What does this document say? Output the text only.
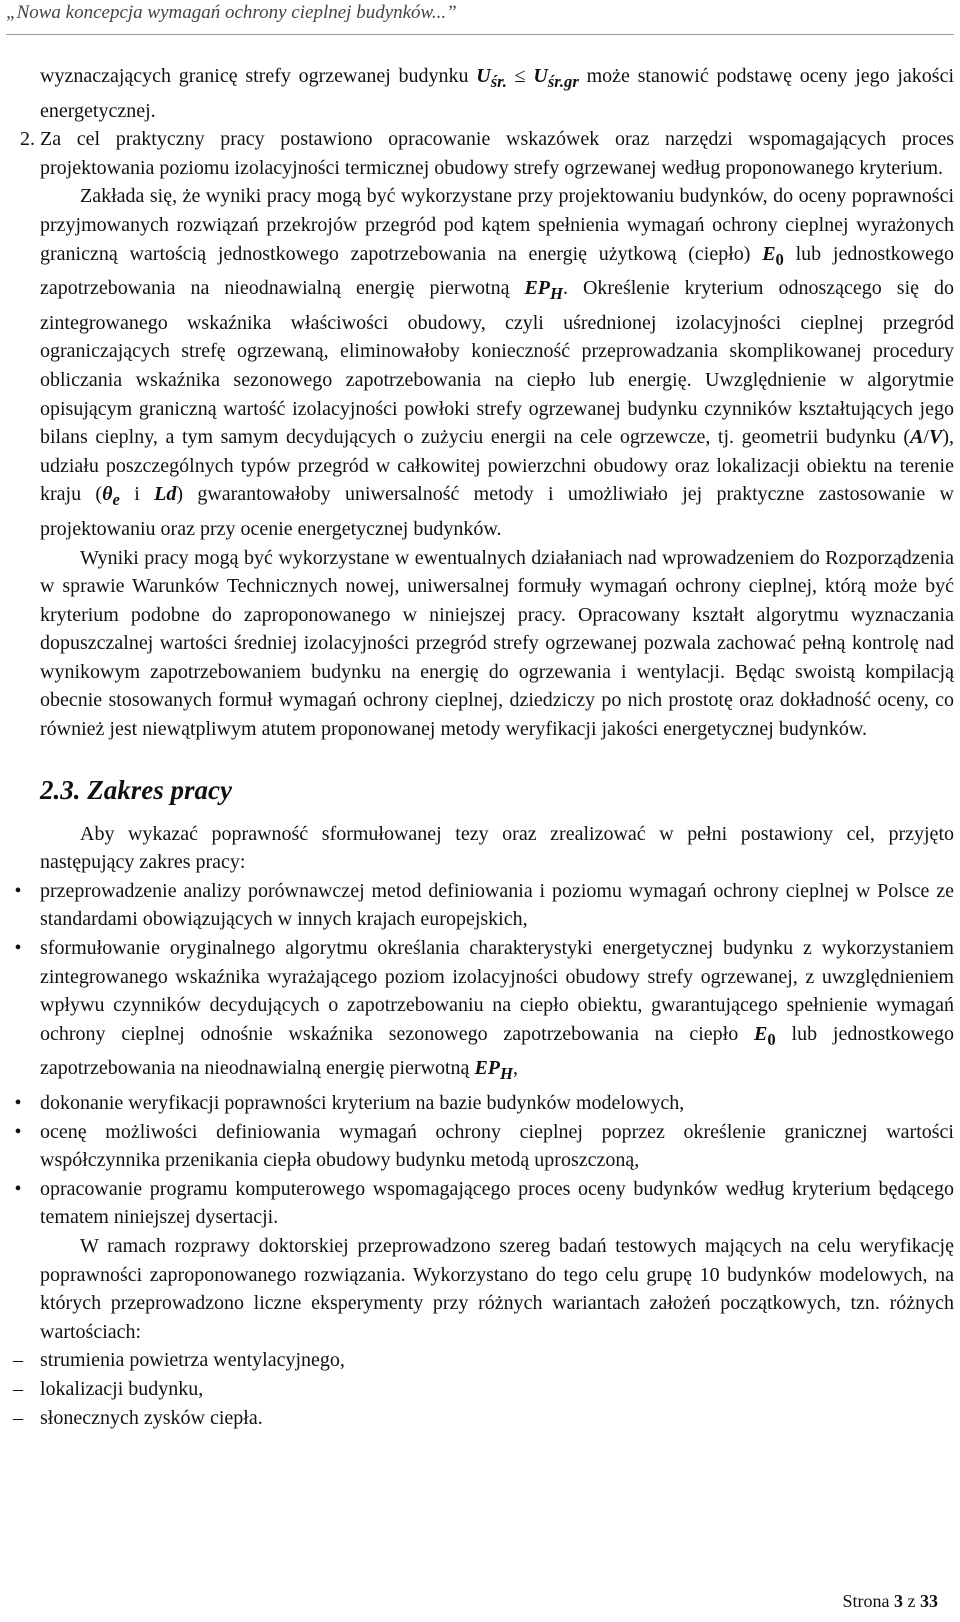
„Nowa koncepcja wymagań ochrony cieplnej budynków...”

wyznaczających granicę strefy ogrzewanej budynku $U_{śr.} \le U_{śr.gr}$ może stanowić podstawę oceny jego jakości energetycznej.

2. Za cel praktyczny pracy postawiono opracowanie wskazówek oraz narzędzi wspomagających proces projektowania poziomu izolacyjności termicznej obudowy strefy ogrzewanej według proponowanego kryterium.

Zakłada się, że wyniki pracy mogą być wykorzystane przy projektowaniu budynków, do oceny poprawności przyjmowanych rozwiązań przekrojów przegród pod kątem spełnienia wymagań ochrony cieplnej wyrażonych graniczną wartością jednostkowego zapotrzebowania na energię użytkową (ciepło) $E_0$ lub jednostkowego zapotrzebowania na nieodnawialną energię pierwotną $EP_H$. Określenie kryterium odnoszącego się do zintegrowanego wskaźnika właściwości obudowy, czyli uśrednionej izolacyjności cieplnej przegród ograniczających strefę ogrzewaną, eliminowałoby konieczność przeprowadzania skomplikowanej procedury obliczania wskaźnika sezonowego zapotrzebowania na ciepło lub energię. Uwzględnienie w algorytmie opisującym graniczną wartość izolacyjności powłoki strefy ogrzewanej budynku czynników kształtujących jego bilans cieplny, a tym samym decydujących o zużyciu energii na cele ogrzewcze, tj. geometrii budynku (A/V), udziału poszczególnych typów przegród w całkowitej powierzchni obudowy oraz lokalizacji obiektu na terenie kraju ($\theta_e$ i Ld) gwarantowałoby uniwersalność metody i umożliwiało jej praktyczne zastosowanie w projektowaniu oraz przy ocenie energetycznej budynków.

Wyniki pracy mogą być wykorzystane w ewentualnych działaniach nad wprowadzeniem do Rozporządzenia w sprawie Warunków Technicznych nowej, uniwersalnej formuły wymagań ochrony cieplnej, którą może być kryterium podobne do zaproponowanego w niniejszej pracy. Opracowany kształt algorytmu wyznaczania dopuszczalnej wartości średniej izolacyjności przegród strefy ogrzewanej pozwala zachować pełną kontrolę nad wynikowym zapotrzebowaniem budynku na energię do ogrzewania i wentylacji. Będąc swoistą kompilacją obecnie stosowanych formuł wymagań ochrony cieplnej, dziedziczy po nich prostotę oraz dokładność oceny, co również jest niewątpliwym atutem proponowanej metody weryfikacji jakości energetycznej budynków.

2.3. Zakres pracy

Aby wykazać poprawność sformułowanej tezy oraz zrealizować w pełni postawiony cel, przyjęto następujący zakres pracy:

• przeprowadzenie analizy porównawczej metod definiowania i poziomu wymagań ochrony cieplnej w Polsce ze standardami obowiązujących w innych krajach europejskich,
• sformułowanie oryginalnego algorytmu określania charakterystyki energetycznej budynku z wykorzystaniem zintegrowanego wskaźnika wyrażającego poziom izolacyjności obudowy strefy ogrzewanej, z uwzględnieniem wpływu czynników decydujących o zapotrzebowaniu na ciepło obiektu, gwarantującego spełnienie wymagań ochrony cieplnej odnośnie wskaźnika sezonowego zapotrzebowania na ciepło $E_0$ lub jednostkowego zapotrzebowania na nieodnawialną energię pierwotną $EP_H$,
• dokonanie weryfikacji poprawności kryterium na bazie budynków modelowych,
• ocenę możliwości definiowania wymagań ochrony cieplnej poprzez określenie granicznej wartości współczynnika przenikania ciepła obudowy budynku metodą uproszczoną,
• opracowanie programu komputerowego wspomagającego proces oceny budynków według kryterium będącego tematem niniejszej dysertacji.

W ramach rozprawy doktorskiej przeprowadzono szereg badań testowych mających na celu weryfikację poprawności zaproponowanego rozwiązania. Wykorzystano do tego celu grupę 10 budynków modelowych, na których przeprowadzono liczne eksperymenty przy różnych wariantach założeń początkowych, tzn. różnych wartościach:

– strumienia powietrza wentylacyjnego,
– lokalizacji budynku,
– słonecznych zysków ciepła.
Strona 3 z 33
